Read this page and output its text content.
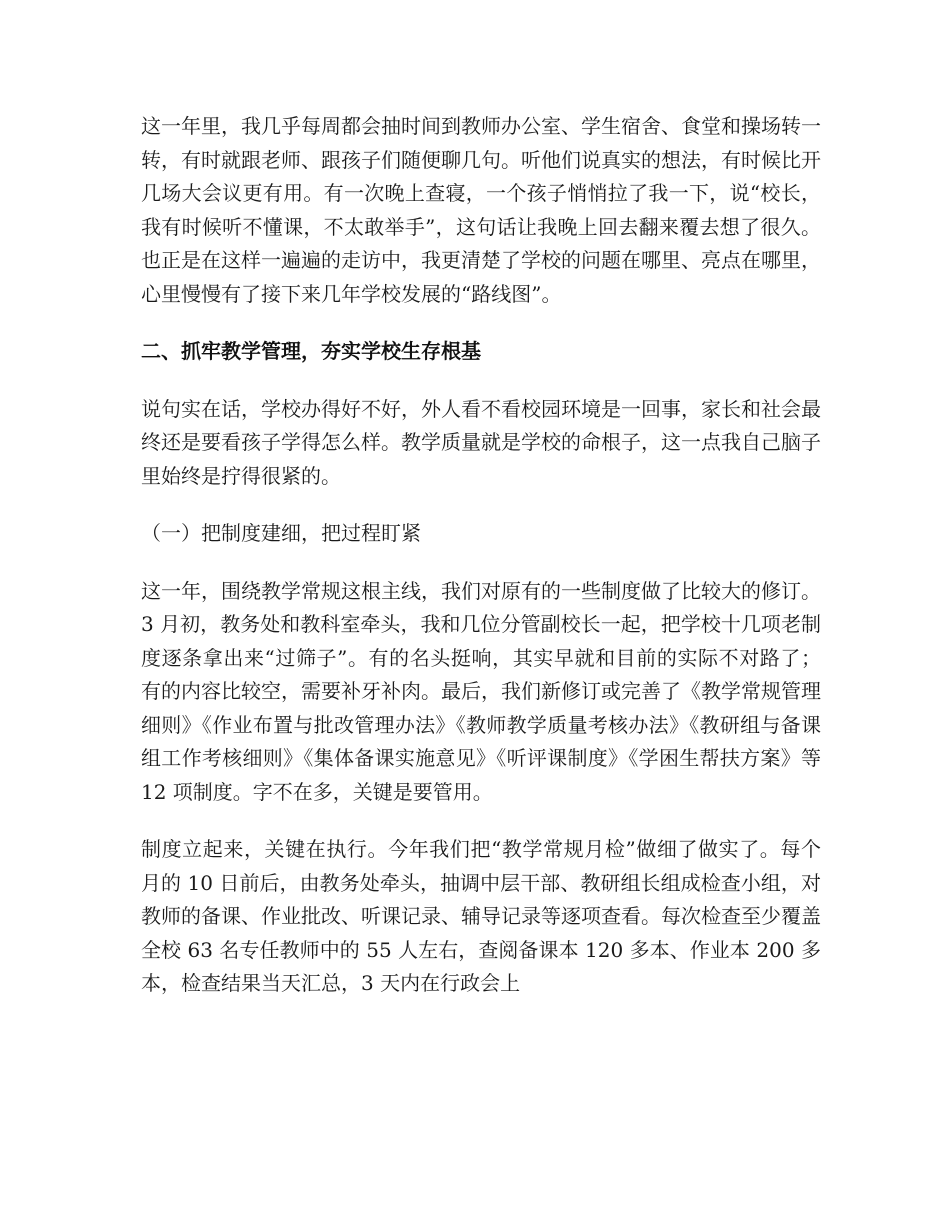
这一年里，我几乎每周都会抽时间到教师办公室、学生宿舍、食堂和操场转一转，有时就跟老师、跟孩子们随便聊几句。听他们说真实的想法，有时候比开几场大会议更有用。有一次晚上查寝，一个孩子悄悄拉了我一下，说“校长，我有时候听不懂课，不太敢举手”，这句话让我晚上回去翻来覆去想了很久。也正是在这样一遍遍的走访中，我更清楚了学校的问题在哪里、亮点在哪里，心里慢慢有了接下来几年学校发展的“路线图”。

二、抓牢教学管理，夯实学校生存根基

说句实在话，学校办得好不好，外人看不看校园环境是一回事，家长和社会最终还是要看孩子学得怎么样。教学质量就是学校的命根子，这一点我自己脑子里始终是拧得很紧的。

（一）把制度建细，把过程盯紧

这一年，围绕教学常规这根主线，我们对原有的一些制度做了比较大的修订。3 月初，教务处和教科室牵头，我和几位分管副校长一起，把学校十几项老制度逐条拿出来“过筛子”。有的名头挺响，其实早就和目前的实际不对路了；有的内容比较空，需要补牙补肉。最后，我们新修订或完善了《教学常规管理细则》《作业布置与批改管理办法》《教师教学质量考核办法》《教研组与备课组工作考核细则》《集体备课实施意见》《听评课制度》《学困生帮扶方案》等 12 项制度。字不在多，关键是要管用。

制度立起来，关键在执行。今年我们把“教学常规月检”做细了做实了。每个月的 10 日前后，由教务处牵头，抽调中层干部、教研组长组成检查小组，对教师的备课、作业批改、听课记录、辅导记录等逐项查看。每次检查至少覆盖全校 63 名专任教师中的 55 人左右，查阅备课本 120 多本、作业本 200 多本，检查结果当天汇总，3 天内在行政会上
